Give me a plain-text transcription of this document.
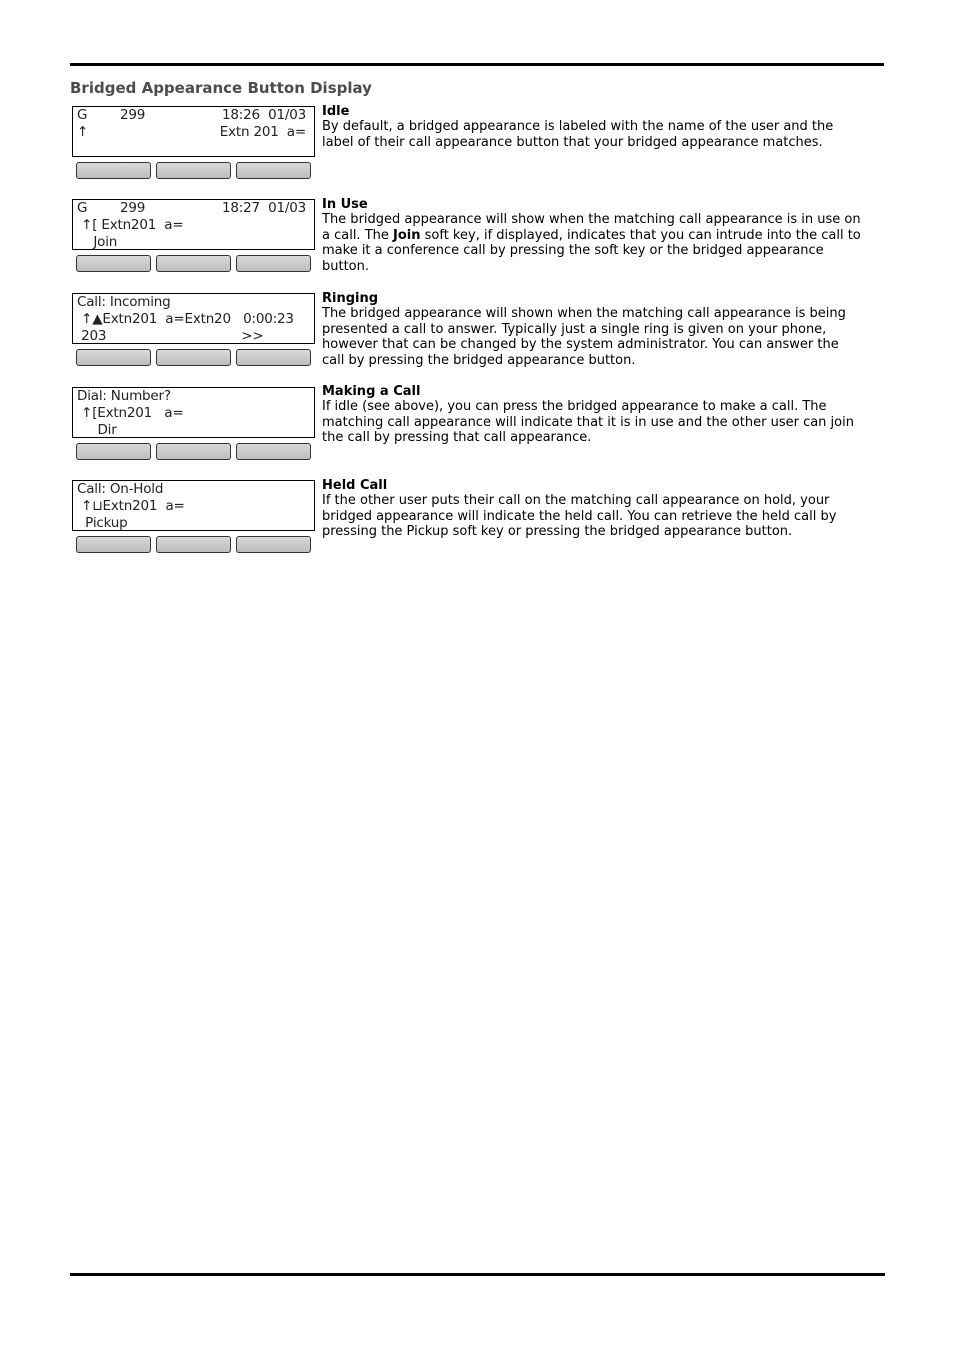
Bridged Appearance Button Display
G        299	18:26  01/03
↑	Extn 201  a=
Idle

By default, a bridged appearance is labeled with the name of the user and the label of their call appearance button that your bridged appearance matches.

G        299	18:27  01/03
↑[ Extn201  a=
Join
In Use

The bridged appearance will show when the matching call appearance is in use on a call. The Join soft key, if displayed, indicates that you can intrude into the call to make it a conference call by pressing the soft key or the bridged appearance button.

Call: Incoming
↑▲Extn201  a=Extn20   0:00:23
203                                 >>
Ringing

The bridged appearance will shown when the matching call appearance is being presented a call to answer. Typically just a single ring is given on your phone, however that can be changed by the system administrator. You can answer the call by pressing the bridged appearance button.

Dial: Number?
↑[Extn201   a=
Dir
Making a Call

If idle (see above), you can press the bridged appearance to make a call. The matching call appearance will indicate that it is in use and the other user can join the call by pressing that call appearance.

Call: On-Hold
↑⊔Extn201  a=
Pickup
Held Call

If the other user puts their call on the matching call appearance on hold, your bridged appearance will indicate the held call. You can retrieve the held call by pressing the Pickup soft key or pressing the bridged appearance button.
